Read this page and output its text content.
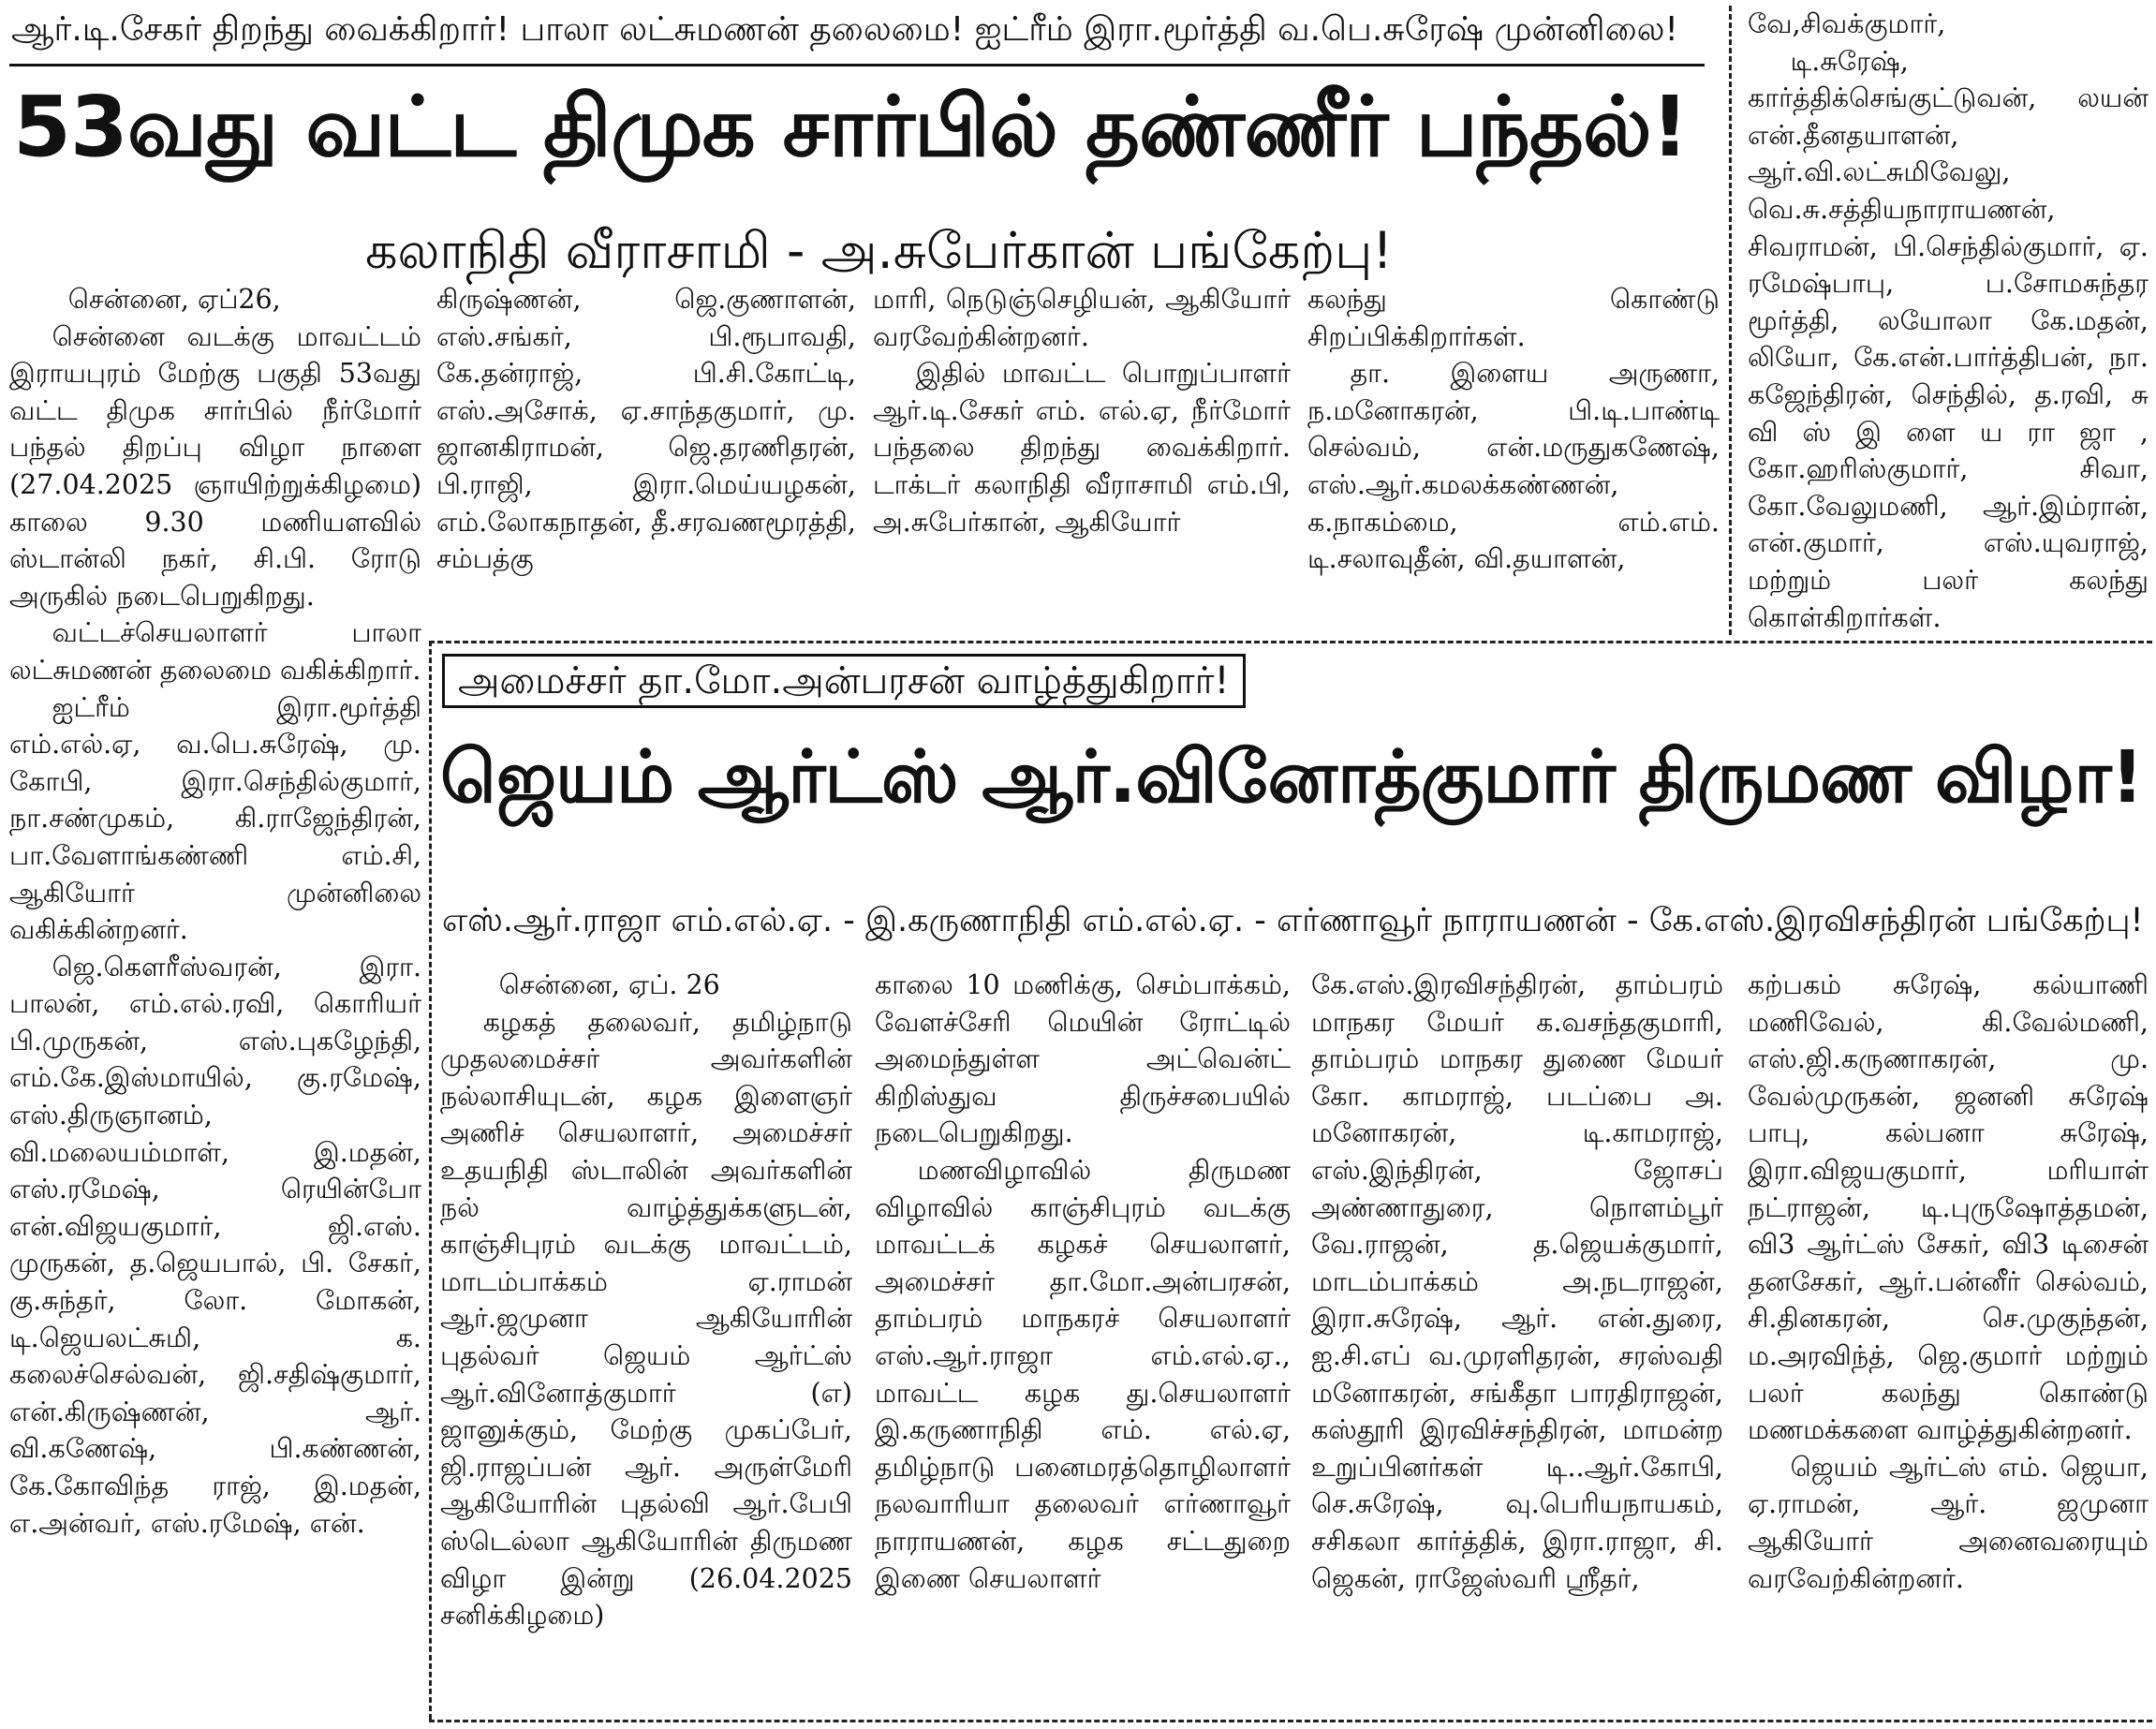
ஆர்.டி.சேகர் திறந்து வைக்கிறார்! பாலா லட்சுமணன் தலைமை! ஐட்ரீம் இரா.மூர்த்தி வ.பெ.சுரேஷ் முன்னிலை!
53வது வட்ட திமுக சார்பில் தண்ணீர் பந்தல்!
கலாநிதி வீராசாமி - அ.சுபேர்கான் பங்கேற்பு!

சென்னை, ஏப்26,

சென்னை வடக்கு மாவட்டம் இராயபுரம் மேற்கு பகுதி 53வது வட்ட திமுக சார்பில் நீர்மோர் பந்தல் திறப்பு விழா நாளை (27.04.2025 ஞாயிற்றுக்கிழமை) காலை 9.30 மணியளவில் ஸ்டான்லி நகர், சி.பி. ரோடு அருகில் நடைபெறுகிறது.

வட்டச்செயலாளர் பாலா லட்சுமணன் தலைமை வகிக்கிறார்.

ஐட்ரீம் இரா.மூர்த்தி எம்.எல்.ஏ, வ.பெ.சுரேஷ், மு. கோபி, இரா.செந்தில்குமார், நா.சண்முகம், கி.ராஜேந்திரன், பா.வேளாங்கண்ணி எம்.சி, ஆகியோர் முன்னிலை வகிக்கின்றனர்.

ஜெ.கௌரீஸ்வரன், இரா. பாலன், எம்.எல்.ரவி, கொரியர் பி.முருகன், எஸ்.புகழேந்தி, எம்.கே.இஸ்மாயில், கு.ரமேஷ், எஸ்.திருஞானம், வி.மலையம்மாள், இ.மதன், எஸ்.ரமேஷ், ரெயின்போ என்.விஜயகுமார், ஜி.எஸ். முருகன், த.ஜெயபால், பி. சேகர், கு.சுந்தர், லோ. மோகன், டி.ஜெயலட்சுமி, க. கலைச்செல்வன், ஜி.சதிஷ்குமார், என்.கிருஷ்ணன், ஆர். வி.கணேஷ், பி.கண்ணன், கே.கோவிந்த ராஜ், இ.மதன், எ.அன்வர், எஸ்.ரமேஷ், என்.

கிருஷ்ணன், ஜெ.குணாளன், எஸ்.சங்கர், பி.ரூபாவதி, கே.தன்ராஜ், பி.சி.கோட்டி, எஸ்.அசோக், ஏ.சாந்தகுமார், மு. ஜானகிராமன், ஜெ.தரணிதரன், பி.ராஜி, இரா.மெய்யழகன், எம்.லோகநாதன், தீ.சரவணமூரத்தி, சம்பத்கு

மாரி, நெடுஞ்செழியன், ஆகியோர் வரவேற்கின்றனர்.

இதில் மாவட்ட பொறுப்பாளர் ஆர்.டி.சேகர் எம். எல்.ஏ, நீர்மோர் பந்தலை திறந்து வைக்கிறார். டாக்டர் கலாநிதி வீராசாமி எம்.பி, அ.சுபேர்கான், ஆகியோர்

கலந்து கொண்டு சிறப்பிக்கிறார்கள்.

தா. இளைய அருணா, ந.மனோகரன், பி.டி.பாண்டி செல்வம், என்.மருதுகணேஷ், எஸ்.ஆர்.கமலக்கண்ணன், க.நாகம்மை, எம்.எம். டி.சலாவுதீன், வி.தயாளன்,

வே,சிவக்குமார்,

டி.சுரேஷ், கார்த்திக்செங்குட்டுவன், லயன் என்.தீனதயாளன், ஆர்.வி.லட்சுமிவேலு, வெ.சு.சத்தியநாராயணன், சிவராமன், பி.செந்தில்குமார், ஏ. ரமேஷ்பாபு, ப.சோமசுந்தர மூர்த்தி, லயோலா கே.மதன், லியோ, கே.என்.பார்த்திபன், நா. கஜேந்திரன், செந்தில், த.ரவி, சு வி ஸ் இ ளை ய ரா ஜா , கோ.ஹரிஸ்குமார், சிவா, கோ.வேலுமணி, ஆர்.இம்ரான், என்.குமார், எஸ்.யுவராஜ், மற்றும் பலர் கலந்து கொள்கிறார்கள்.

அமைச்சர் தா.மோ.அன்பரசன் வாழ்த்துகிறார்!
ஜெயம் ஆர்ட்ஸ் ஆர்.வினோத்குமார் திருமண விழா!
எஸ்.ஆர்.ராஜா எம்.எல்.ஏ. - இ.கருணாநிதி எம்.எல்.ஏ. - எர்ணாவூர் நாராயணன் - கே.எஸ்.இரவிசந்திரன் பங்கேற்பு!

சென்னை, ஏப். 26

கழகத் தலைவர், தமிழ்நாடு முதலமைச்சர் அவர்களின் நல்லாசியுடன், கழக இளைஞர் அணிச் செயலாளர், அமைச்சர் உதயநிதி ஸ்டாலின் அவர்களின் நல் வாழ்த்துக்களுடன், காஞ்சிபுரம் வடக்கு மாவட்டம், மாடம்பாக்கம் ஏ.ராமன் ஆர்.ஜமுனா ஆகியோரின் புதல்வர் ஜெயம் ஆர்ட்ஸ் ஆர்.வினோத்குமார் (எ) ஜானுக்கும், மேற்கு முகப்பேர், ஜி.ராஜப்பன் ஆர். அருள்மேரி ஆகியோரின் புதல்வி ஆர்.பேபி ஸ்டெல்லா ஆகியோரின் திருமண விழா இன்று (26.04.2025 சனிக்கிழமை)

காலை 10 மணிக்கு, செம்பாக்கம், வேளச்சேரி மெயின் ரோட்டில் அமைந்துள்ள அட்வென்ட் கிறிஸ்துவ திருச்சபையில் நடைபெறுகிறது.

மணவிழாவில் திருமண விழாவில் காஞ்சிபுரம் வடக்கு மாவட்டக் கழகச் செயலாளர், அமைச்சர் தா.மோ.அன்பரசன், தாம்பரம் மாநகரச் செயலாளர் எஸ்.ஆர்.ராஜா எம்.எல்.ஏ., மாவட்ட கழக து.செயலாளர் இ.கருணாநிதி எம். எல்.ஏ, தமிழ்நாடு பனைமரத்தொழிலாளர் நலவாரியா தலைவர் எர்ணாவூர் நாராயணன், கழக சட்டதுறை இணை செயலாளர்

கே.எஸ்.இரவிசந்திரன், தாம்பரம் மாநகர மேயர் க.வசந்தகுமாரி, தாம்பரம் மாநகர துணை மேயர் கோ. காமராஜ், படப்பை அ. மனோகரன், டி.காமராஜ், எஸ்.இந்திரன், ஜோசப் அண்ணாதுரை, நொளம்பூர் வே.ராஜன், த.ஜெயக்குமார், மாடம்பாக்கம் அ.நடராஜன், இரா.சுரேஷ், ஆர். என்.துரை, ஐ.சி.எப் வ.முரளிதரன், சரஸ்வதி மனோகரன், சங்கீதா பாரதிராஜன், கஸ்தூரி இரவிச்சந்திரன், மாமன்ற உறுப்பினர்கள் டி..ஆர்.கோபி, செ.சுரேஷ், வு.பெரியநாயகம், சசிகலா கார்த்திக், இரா.ராஜா, சி. ஜெகன், ராஜேஸ்வரி ஸ்ரீதர்,

கற்பகம் சுரேஷ், கல்யாணி மணிவேல், கி.வேல்மணி, எஸ்.ஜி.கருணாகரன், மு. வேல்முருகன், ஜனனி சுரேஷ் பாபு, கல்பனா சுரேஷ், இரா.விஜயகுமார், மரியாள் நட்ராஜன், டி.புருஷோத்தமன், வி3 ஆர்ட்ஸ் சேகர், வி3 டிசைன் தனசேகர், ஆர்.பன்னீர் செல்வம், சி.தினகரன், செ.முகுந்தன், ம.அரவிந்த், ஜெ.குமார் மற்றும் பலர் கலந்து கொண்டு மணமக்களை வாழ்த்துகின்றனர்.

ஜெயம் ஆர்ட்ஸ் எம். ஜெயா, ஏ.ராமன், ஆர். ஜமுனா ஆகியோர் அனைவரையும் வரவேற்கின்றனர்.
